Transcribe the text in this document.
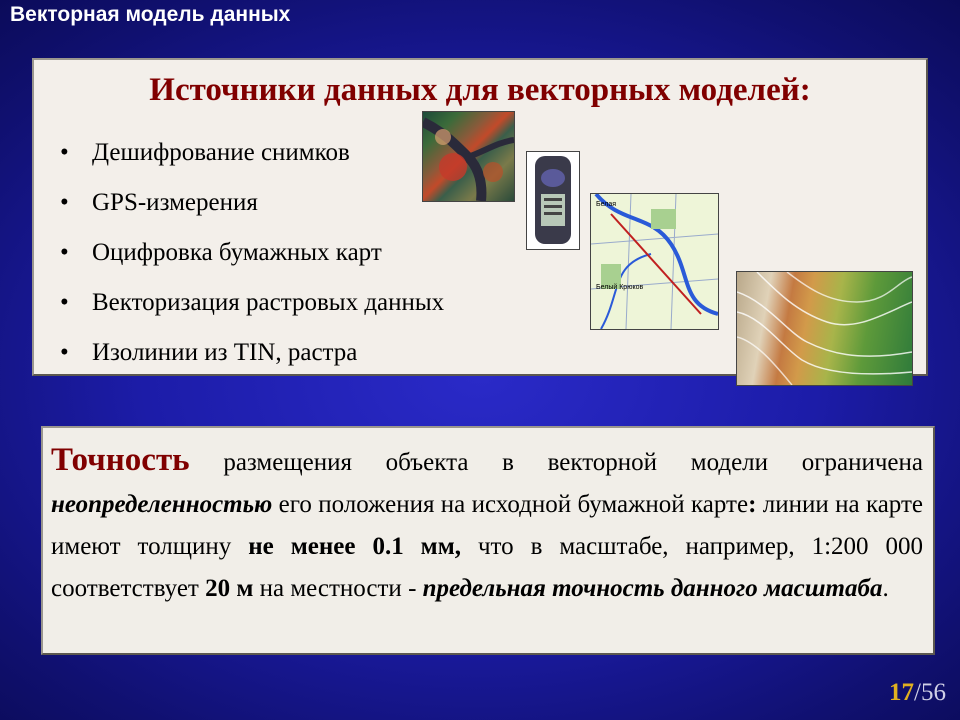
Векторная модель данных
Источники данных для векторных моделей:
• Дешифрование снимков
• GPS-измерения
• Оцифровка бумажных карт
• Векторизация растровых данных
• Изолинии из TIN, растра
Белая
Белый Крюков

Точность размещения объекта в векторной модели ограничена неопределенностью его положения на исходной бумажной карте: линии на карте имеют толщину не менее 0.1 мм, что в масштабе, например, 1:200 000 соответствует 20 м на местности - предельная точность данного масштаба.

17/56
